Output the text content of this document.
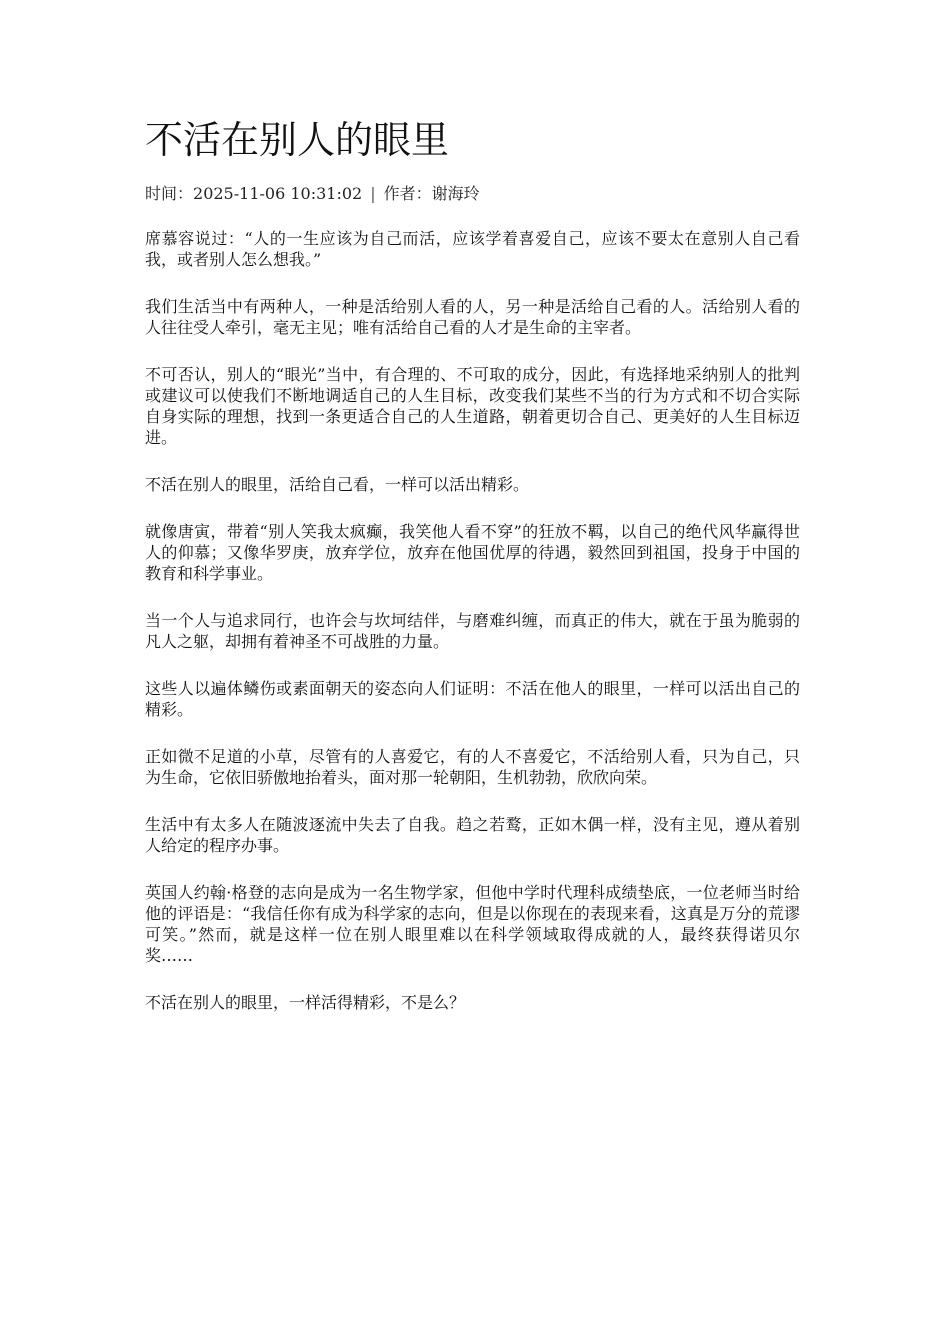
不活在别人的眼里
时间：2025-11-06 10:31:02 | 作者：谢海玲

席慕容说过：“人的一生应该为自己而活，应该学着喜爱自己，应该不要太在意别人自己看我，或者别人怎么想我。”

我们生活当中有两种人，一种是活给别人看的人，另一种是活给自己看的人。活给别人看的人往往受人牵引，毫无主见；唯有活给自己看的人才是生命的主宰者。

不可否认，别人的“眼光”当中，有合理的、不可取的成分，因此，有选择地采纳别人的批判或建议可以使我们不断地调适自己的人生目标，改变我们某些不当的行为方式和不切合实际自身实际的理想，找到一条更适合自己的人生道路，朝着更切合自己、更美好的人生目标迈进。

不活在别人的眼里，活给自己看，一样可以活出精彩。

就像唐寅，带着“别人笑我太疯癫，我笑他人看不穿”的狂放不羁，以自己的绝代风华赢得世人的仰慕；又像华罗庚，放弃学位，放弃在他国优厚的待遇，毅然回到祖国，投身于中国的教育和科学事业。

当一个人与追求同行，也许会与坎坷结伴，与磨难纠缠，而真正的伟大，就在于虽为脆弱的凡人之躯，却拥有着神圣不可战胜的力量。

这些人以遍体鳞伤或素面朝天的姿态向人们证明：不活在他人的眼里，一样可以活出自己的精彩。

正如微不足道的小草，尽管有的人喜爱它，有的人不喜爱它，不活给别人看，只为自己，只为生命，它依旧骄傲地抬着头，面对那一轮朝阳，生机勃勃，欣欣向荣。

生活中有太多人在随波逐流中失去了自我。趋之若鹜，正如木偶一样，没有主见，遵从着别人给定的程序办事。

英国人约翰·格登的志向是成为一名生物学家，但他中学时代理科成绩垫底，一位老师当时给他的评语是：“我信任你有成为科学家的志向，但是以你现在的表现来看，这真是万分的荒谬可笑。”然而，就是这样一位在别人眼里难以在科学领域取得成就的人，最终获得诺贝尔奖……

不活在别人的眼里，一样活得精彩，不是么？
